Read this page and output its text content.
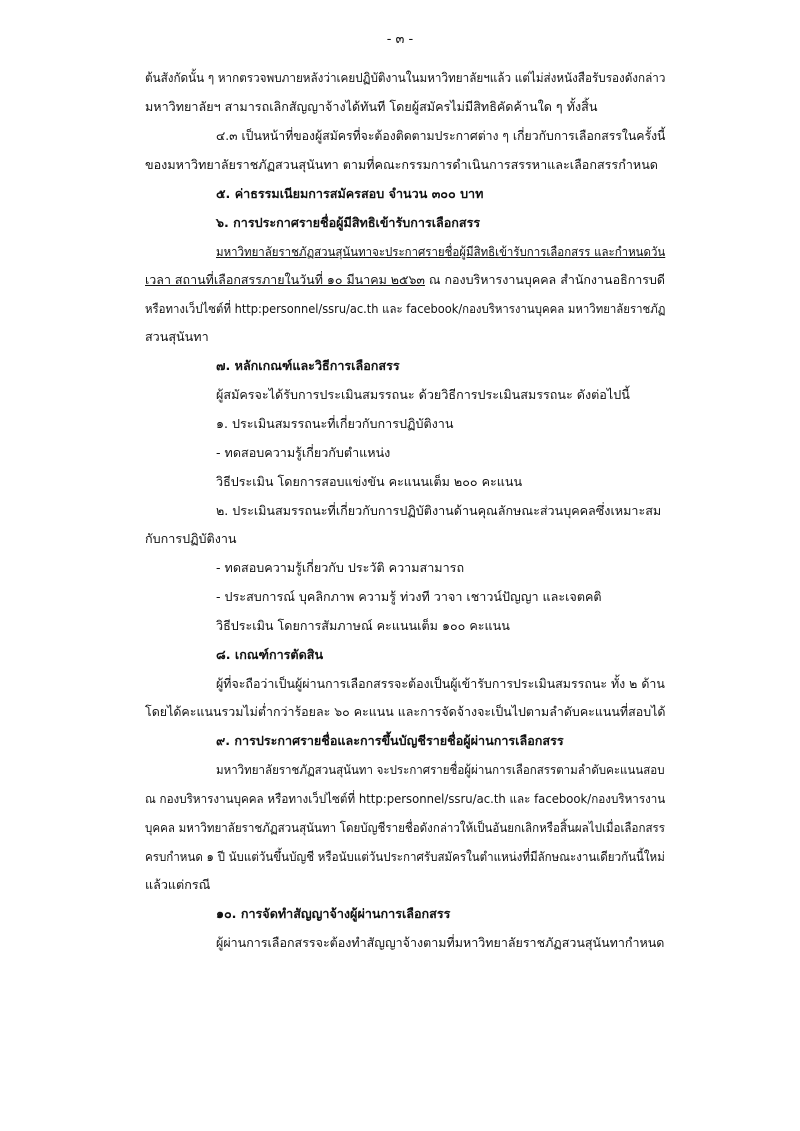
- ๓ -
ต้นสังกัดนั้น ๆ หากตรวจพบภายหลังว่าเคยปฏิบัติงานในมหาวิทยาลัยฯแล้ว แต่ไม่ส่งหนังสือรับรองดังกล่าว
มหาวิทยาลัยฯ สามารถเลิกสัญญาจ้างได้ทันที โดยผู้สมัครไม่มีสิทธิคัดค้านใด ๆ ทั้งสิ้น
๔.๓ เป็นหน้าที่ของผู้สมัครที่จะต้องติดตามประกาศต่าง ๆ เกี่ยวกับการเลือกสรรในครั้งนี้
ของมหาวิทยาลัยราชภัฏสวนสุนันทา ตามที่คณะกรรมการดำเนินการสรรหาและเลือกสรรกำหนด
๕. ค่าธรรมเนียมการสมัครสอบ จำนวน ๓๐๐ บาท
๖. การประกาศรายชื่อผู้มีสิทธิเข้ารับการเลือกสรร
มหาวิทยาลัยราชภัฏสวนสุนันทาจะประกาศรายชื่อผู้มีสิทธิเข้ารับการเลือกสรร และกำหนดวัน
เวลา สถานที่เลือกสรรภายในวันที่ ๑๐ มีนาคม ๒๕๖๓ ณ กองบริหารงานบุคคล สำนักงานอธิการบดี
หรือทางเว็ปไซต์ที่ http:personnel/ssru/ac.th และ facebook/กองบริหารงานบุคคล มหาวิทยาลัยราชภัฏ
สวนสุนันทา
๗. หลักเกณฑ์และวิธีการเลือกสรร
ผู้สมัครจะได้รับการประเมินสมรรถนะ ด้วยวิธีการประเมินสมรรถนะ ดังต่อไปนี้
๑. ประเมินสมรรถนะที่เกี่ยวกับการปฏิบัติงาน
- ทดสอบความรู้เกี่ยวกับตำแหน่ง
วิธีประเมิน โดยการสอบแข่งขัน คะแนนเต็ม ๒๐๐ คะแนน
๒. ประเมินสมรรถนะที่เกี่ยวกับการปฏิบัติงานด้านคุณลักษณะส่วนบุคคลซึ่งเหมาะสม
กับการปฏิบัติงาน
- ทดสอบความรู้เกี่ยวกับ ประวัติ ความสามารถ
- ประสบการณ์ บุคลิกภาพ ความรู้ ท่วงที วาจา เชาวน์ปัญญา และเจตคติ
วิธีประเมิน โดยการสัมภาษณ์ คะแนนเต็ม ๑๐๐ คะแนน
๘. เกณฑ์การตัดสิน
ผู้ที่จะถือว่าเป็นผู้ผ่านการเลือกสรรจะต้องเป็นผู้เข้ารับการประเมินสมรรถนะ ทั้ง ๒ ด้าน
โดยได้คะแนนรวมไม่ต่ำกว่าร้อยละ ๖๐ คะแนน และการจัดจ้างจะเป็นไปตามลำดับคะแนนที่สอบได้
๙. การประกาศรายชื่อและการขึ้นบัญชีรายชื่อผู้ผ่านการเลือกสรร
มหาวิทยาลัยราชภัฏสวนสุนันทา จะประกาศรายชื่อผู้ผ่านการเลือกสรรตามลำดับคะแนนสอบ
ณ กองบริหารงานบุคคล หรือทางเว็ปไซต์ที่ http:personnel/ssru/ac.th และ facebook/กองบริหารงาน
บุคคล มหาวิทยาลัยราชภัฏสวนสุนันทา โดยบัญชีรายชื่อดังกล่าวให้เป็นอันยกเลิกหรือสิ้นผลไปเมื่อเลือกสรร
ครบกำหนด ๑ ปี นับแต่วันขึ้นบัญชี หรือนับแต่วันประกาศรับสมัครในตำแหน่งที่มีลักษณะงานเดียวกันนี้ใหม่
แล้วแต่กรณี
๑๐. การจัดทำสัญญาจ้างผู้ผ่านการเลือกสรร
ผู้ผ่านการเลือกสรรจะต้องทำสัญญาจ้างตามที่มหาวิทยาลัยราชภัฏสวนสุนันทากำหนด
